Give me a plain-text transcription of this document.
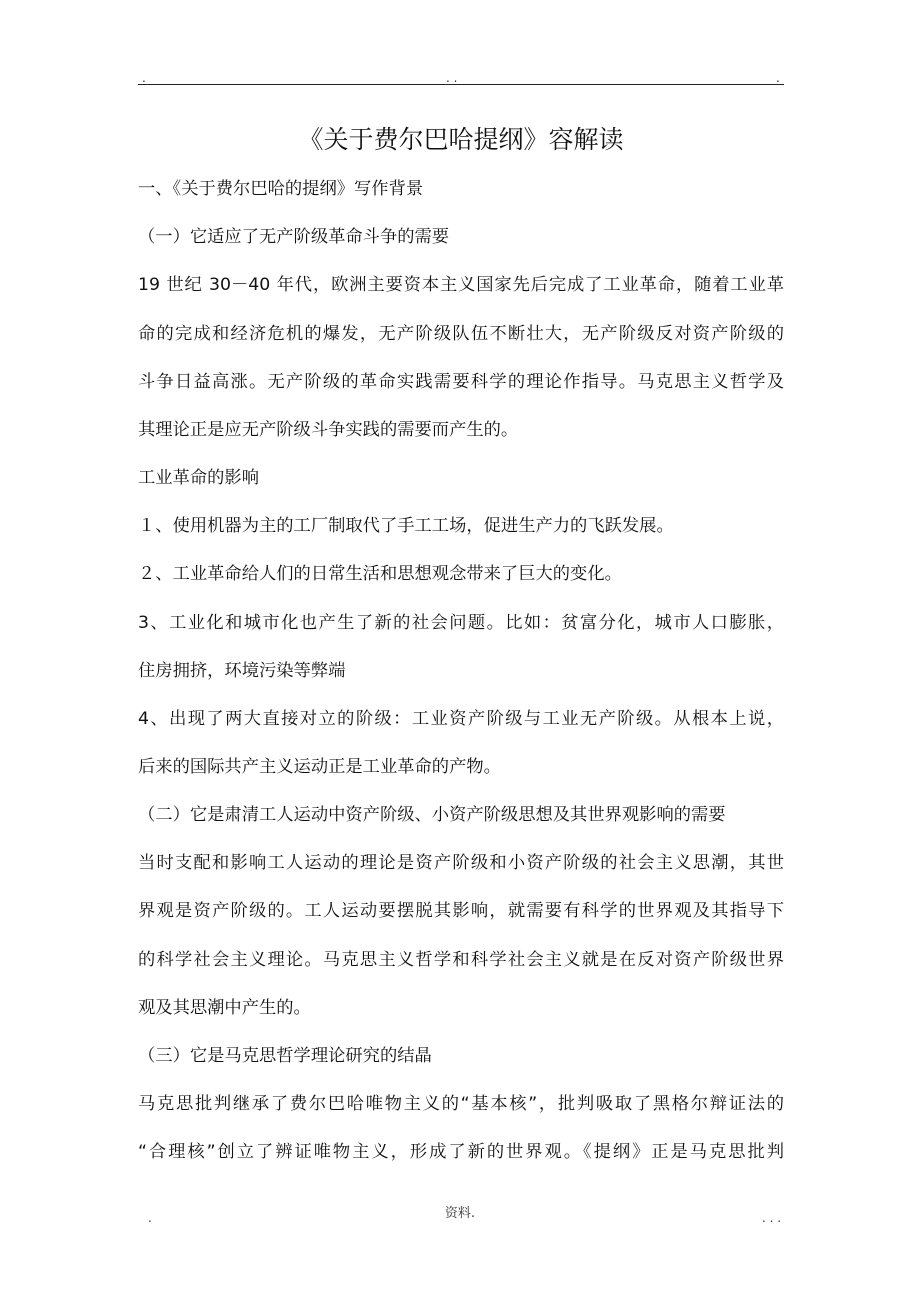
.	. .	.
《关于费尔巴哈提纲》容解读
一、《关于费尔巴哈的提纲》写作背景
（一）它适应了无产阶级革命斗争的需要
19 世纪 30－40 年代，欧洲主要资本主义国家先后完成了工业革命，随着工业革
命的完成和经济危机的爆发，无产阶级队伍不断壮大，无产阶级反对资产阶级的
斗争日益高涨。无产阶级的革命实践需要科学的理论作指导。马克思主义哲学及
其理论正是应无产阶级斗争实践的需要而产生的。
工业革命的影响
１、使用机器为主的工厂制取代了手工工场，促进生产力的飞跃发展。
２、工业革命给人们的日常生活和思想观念带来了巨大的变化。
3、工业化和城市化也产生了新的社会问题。比如：贫富分化，城市人口膨胀，
住房拥挤，环境污染等弊端
4、出现了两大直接对立的阶级：工业资产阶级与工业无产阶级。从根本上说，
后来的国际共产主义运动正是工业革命的产物。
（二）它是肃清工人运动中资产阶级、小资产阶级思想及其世界观影响的需要
当时支配和影响工人运动的理论是资产阶级和小资产阶级的社会主义思潮，其世
界观是资产阶级的。工人运动要摆脱其影响，就需要有科学的世界观及其指导下
的科学社会主义理论。马克思主义哲学和科学社会主义就是在反对资产阶级世界
观及其思潮中产生的。
（三）它是马克思哲学理论研究的结晶
马克思批判继承了费尔巴哈唯物主义的“基本核”，批判吸取了黑格尔辩证法的
“合理核”创立了辨证唯物主义，形成了新的世界观。《提纲》正是马克思批判
.	资料.	. . .
